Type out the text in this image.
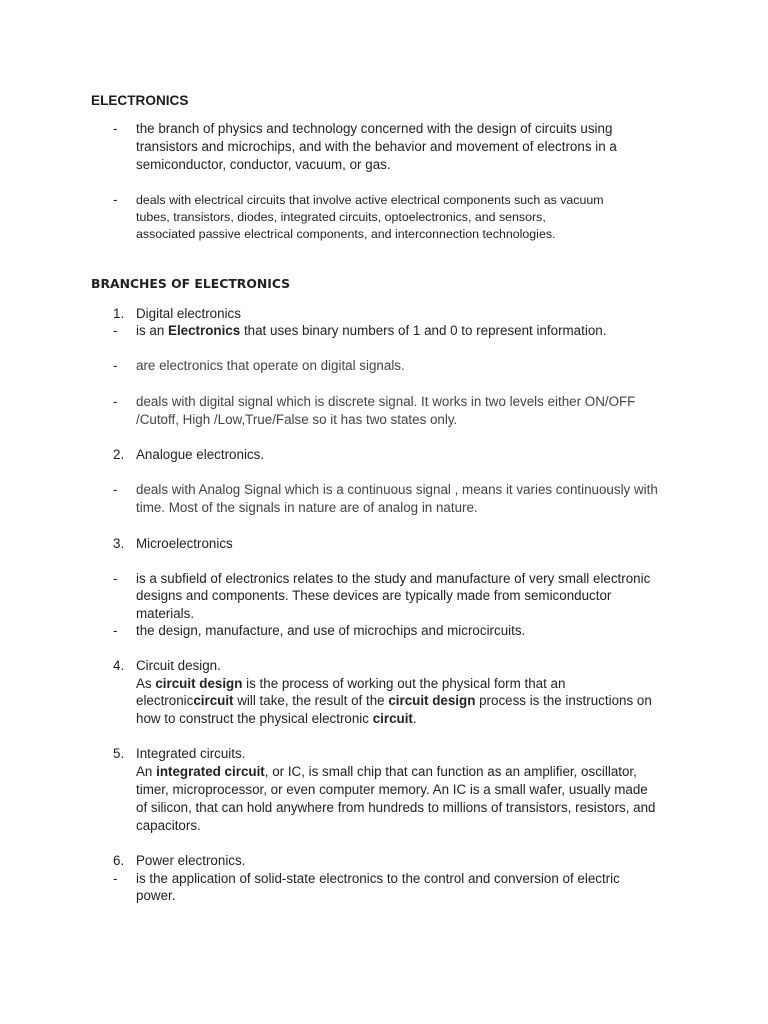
ELECTRONICS
- the branch of physics and technology concerned with the design of circuits using
transistors and microchips, and with the behavior and movement of electrons in a
semiconductor, conductor, vacuum, or gas.
- deals with electrical circuits that involve active electrical components such as vacuum
tubes, transistors, diodes, integrated circuits, optoelectronics, and sensors,
associated passive electrical components, and interconnection technologies.
BRANCHES OF ELECTRONICS
1. Digital electronics
- is an Electronics that uses binary numbers of 1 and 0 to represent information.
- are electronics that operate on digital signals.
- deals with digital signal which is discrete signal. It works in two levels either ON/OFF
/Cutoff, High /Low,True/False so it has two states only.
2. Analogue electronics.
- deals with Analog Signal which is a continuous signal , means it varies continuously with
time. Most of the signals in nature are of analog in nature.
3. Microelectronics
- is a subfield of electronics relates to the study and manufacture of very small electronic
designs and components. These devices are typically made from semiconductor
materials.
- the design, manufacture, and use of microchips and microcircuits.
4. Circuit design.
As circuit design is the process of working out the physical form that an
electroniccircuit will take, the result of the circuit design process is the instructions on
how to construct the physical electronic circuit.
5. Integrated circuits.
An integrated circuit, or IC, is small chip that can function as an amplifier, oscillator,
timer, microprocessor, or even computer memory. An IC is a small wafer, usually made
of silicon, that can hold anywhere from hundreds to millions of transistors, resistors, and
capacitors.
6. Power electronics.
- is the application of solid-state electronics to the control and conversion of electric
power.
